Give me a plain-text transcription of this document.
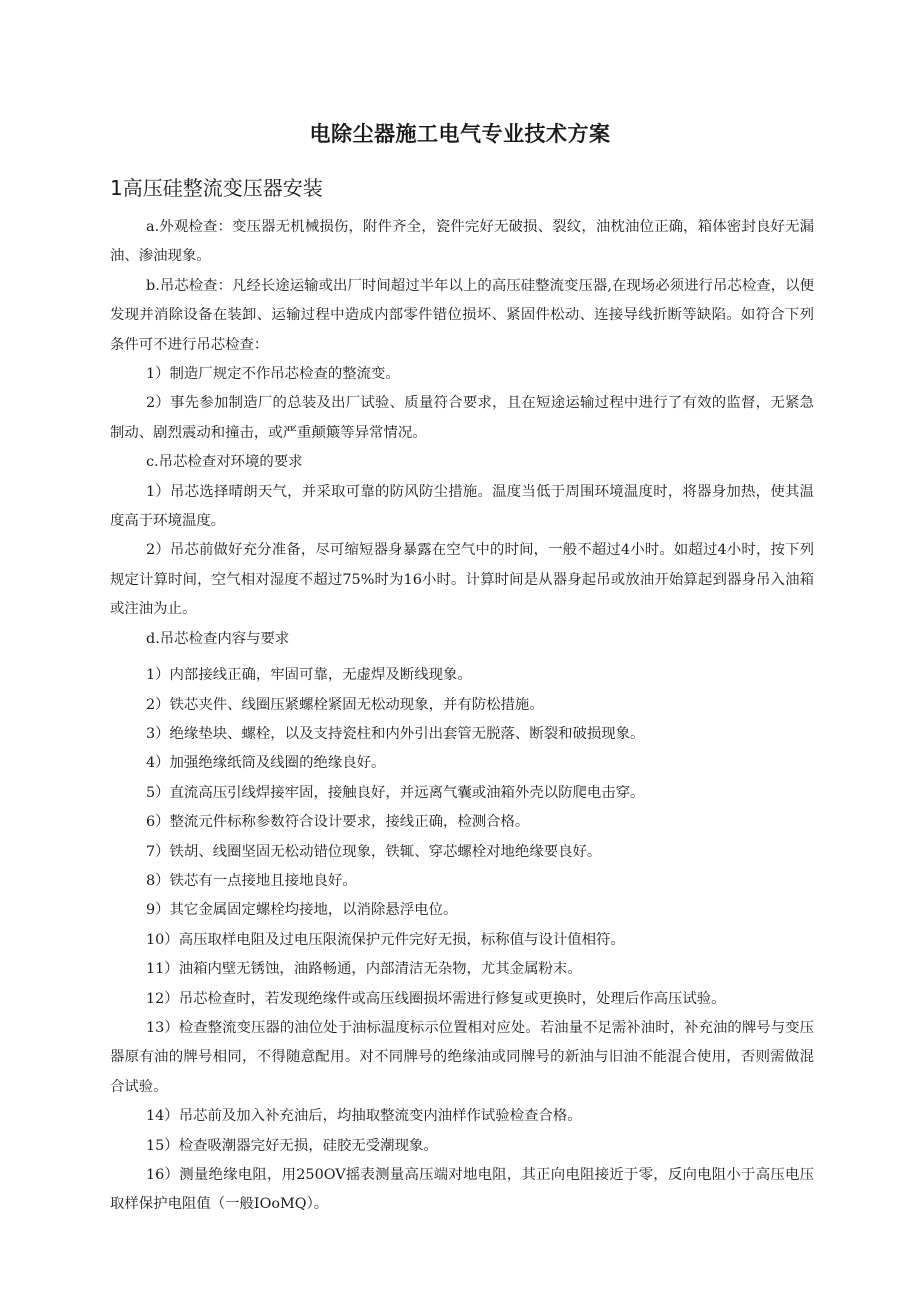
电除尘器施工电气专业技术方案
1高压硅整流变压器安装

a.外观检查：变压器无机械损伤，附件齐全，瓷件完好无破损、裂纹，油枕油位正确，箱体密封良好无漏油、渗油现象。

b.吊芯检查：凡经长途运输或出厂时间超过半年以上的高压硅整流变压器,在现场必须进行吊芯检查，以便发现并消除设备在装卸、运输过程中造成内部零件错位损坏、紧固件松动、连接导线折断等缺陷。如符合下列条件可不进行吊芯检查：

1）制造厂规定不作吊芯检查的整流变。

2）事先参加制造厂的总装及出厂试验、质量符合要求，且在短途运输过程中进行了有效的监督，无紧急制动、剧烈震动和撞击，或严重颠簸等异常情况。

c.吊芯检查对环境的要求

1）吊芯选择晴朗天气，并采取可靠的防风防尘措施。温度当低于周围环境温度时，将器身加热，使其温度高于环境温度。

2）吊芯前做好充分准备，尽可缩短器身暴露在空气中的时间，一般不超过4小时。如超过4小时，按下列规定计算时间，空气相对湿度不超过75%时为16小时。计算时间是从器身起吊或放油开始算起到器身吊入油箱或注油为止。

d.吊芯检查内容与要求

1）内部接线正确，牢固可靠，无虚焊及断线现象。

2）铁芯夹件、线圈压紧螺栓紧固无松动现象，并有防松措施。

3）绝缘垫块、螺栓，以及支持瓷柱和内外引出套管无脱落、断裂和破损现象。

4）加强绝缘纸筒及线圈的绝缘良好。

5）直流高压引线焊接牢固，接触良好，并远离气囊或油箱外壳以防爬电击穿。

6）整流元件标称参数符合设计要求，接线正确，检测合格。

7）铁胡、线圈坚固无松动错位现象，铁辄、穿芯螺栓对地绝缘要良好。

8）铁芯有一点接地且接地良好。

9）其它金属固定螺栓均接地，以消除悬浮电位。

10）高压取样电阻及过电压限流保护元件完好无损，标称值与设计值相符。

11）油箱内壁无锈蚀，油路畅通，内部清洁无杂物，尤其金属粉末。

12）吊芯检查时，若发现绝缘件或高压线圈损坏需进行修复或更换时，处理后作高压试验。

13）检查整流变压器的油位处于油标温度标示位置相对应处。若油量不足需补油时，补充油的牌号与变压器原有油的牌号相同，不得随意配用。对不同牌号的绝缘油或同牌号的新油与旧油不能混合使用，否则需做混合试验。

14）吊芯前及加入补充油后，均抽取整流变内油样作试验检查合格。

15）检查吸潮器完好无损，硅胶无受潮现象。

16）测量绝缘电阻，用250OV摇表测量高压端对地电阻，其正向电阻接近于零，反向电阻小于高压电压取样保护电阻值（一般IOoMQ）。
